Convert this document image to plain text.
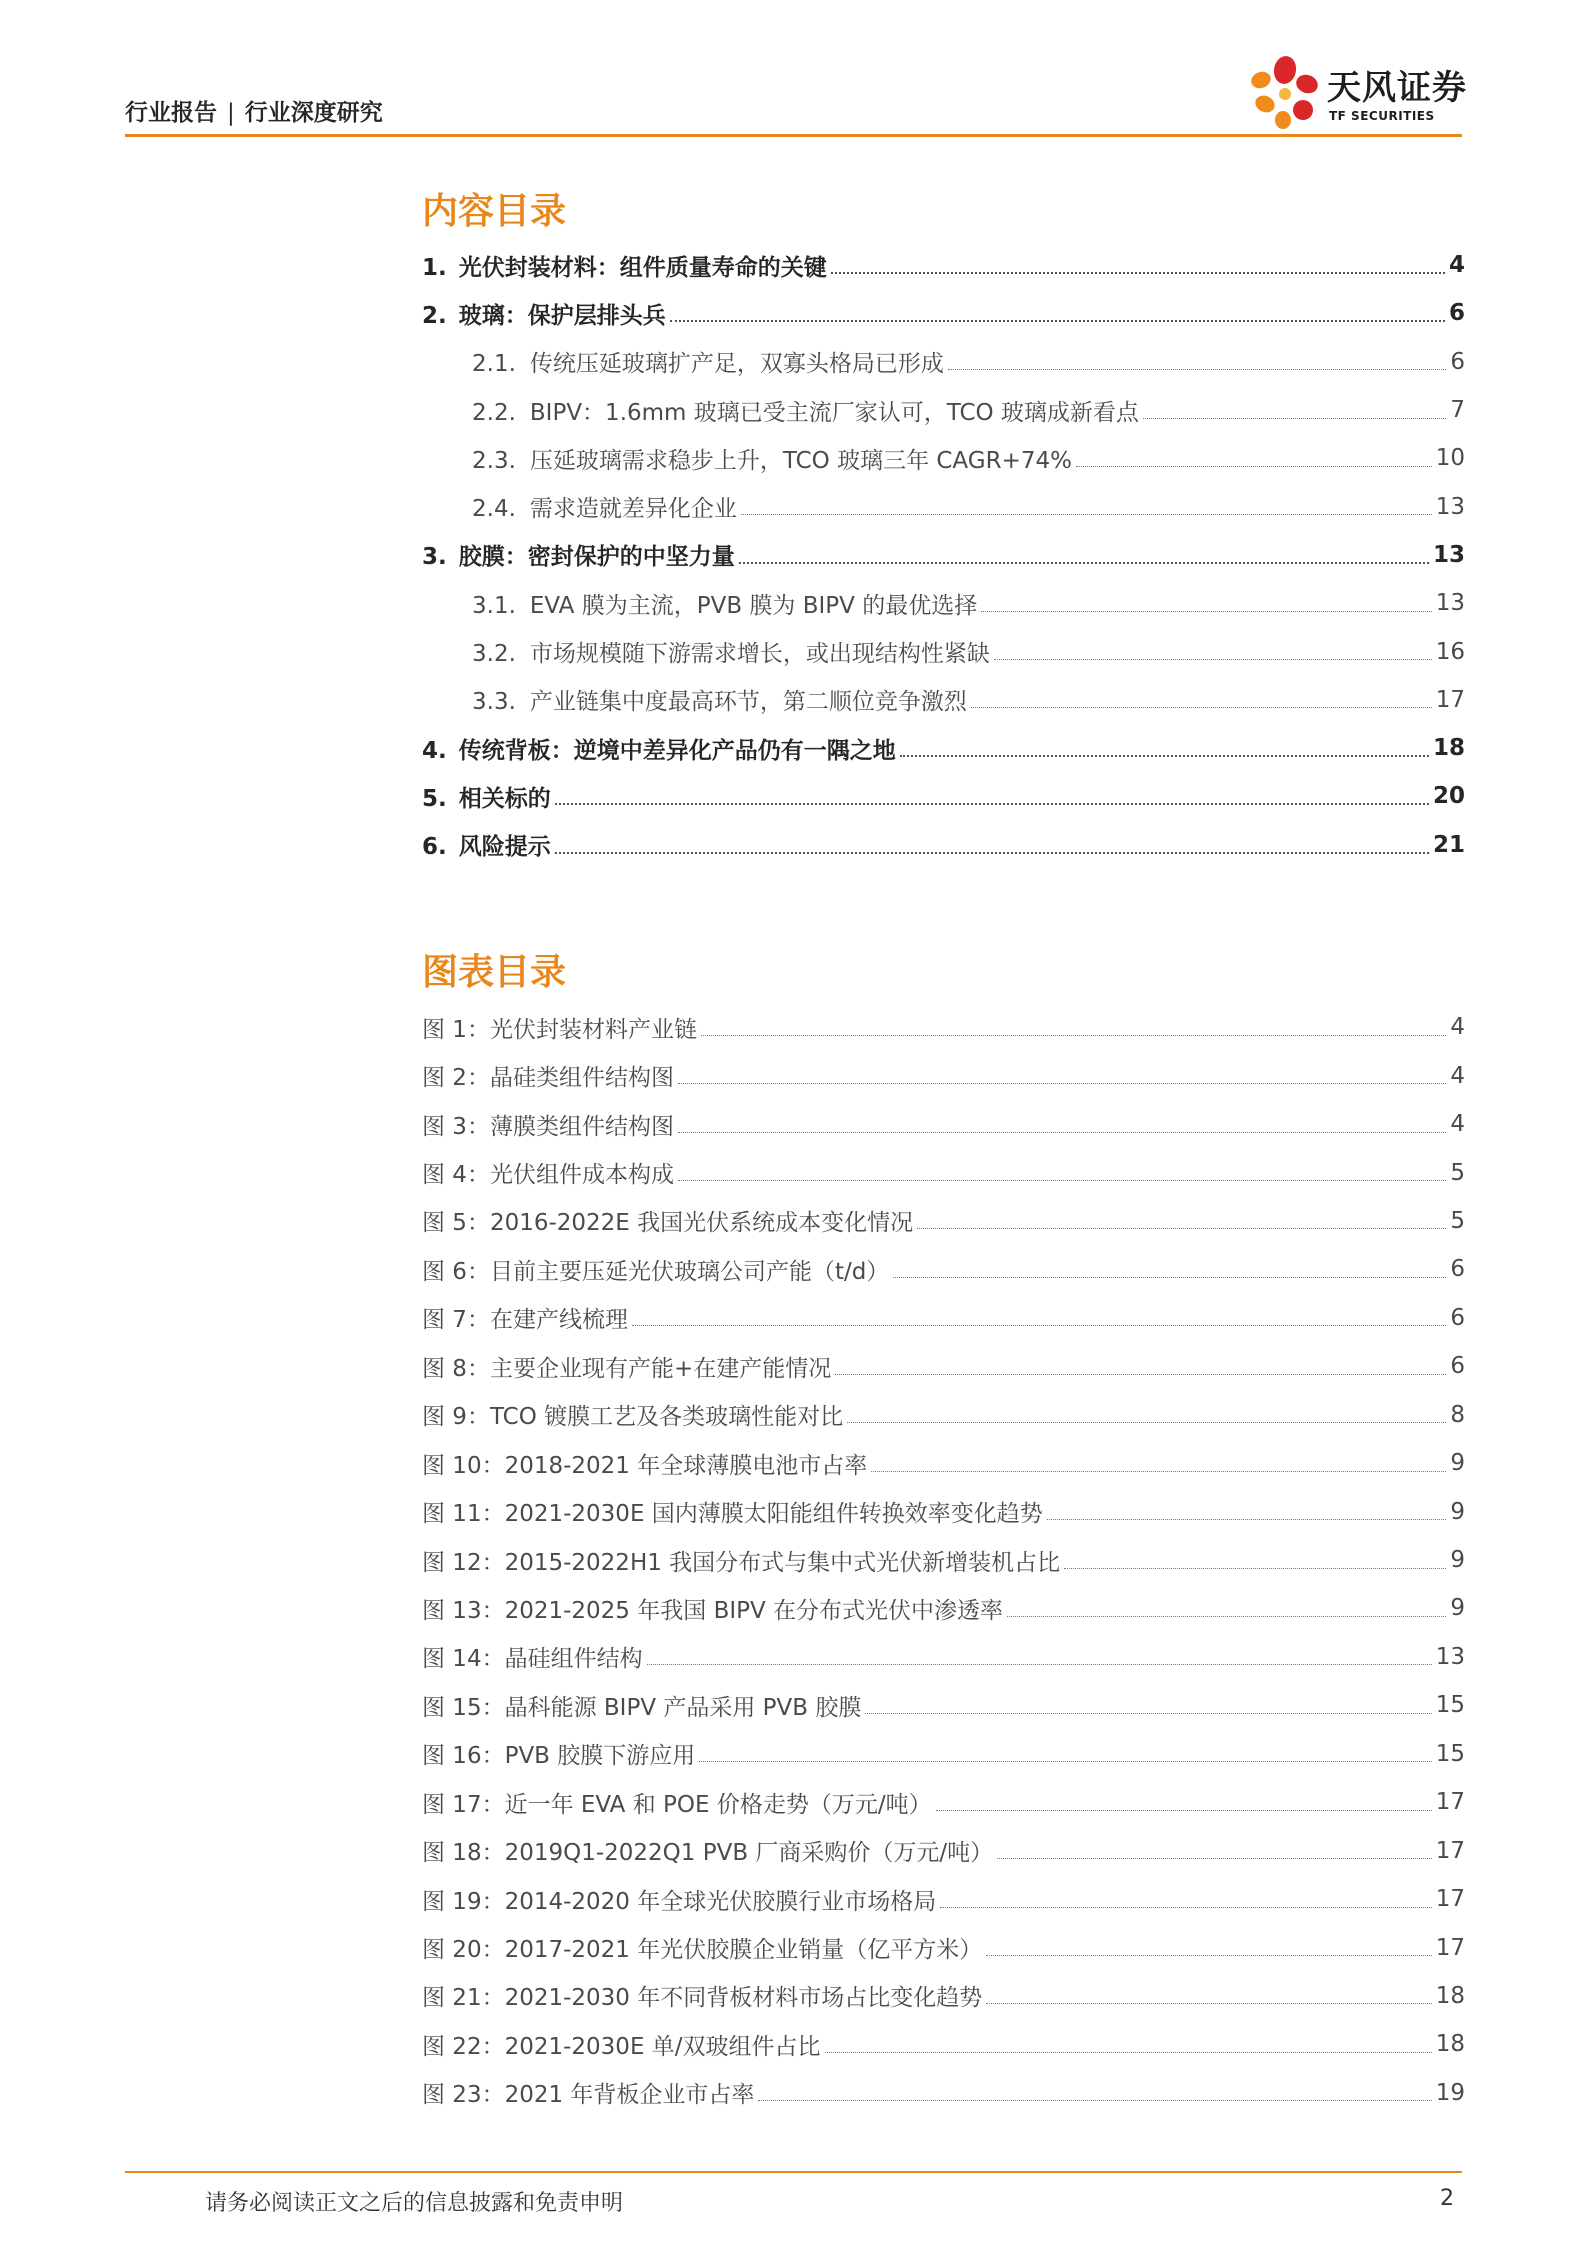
行业报告 | 行业深度研究
天风证券
TF SECURITIES
内容目录
1. 光伏封装材料：组件质量寿命的关键	4
2. 玻璃：保护层排头兵	6
2.1. 传统压延玻璃扩产足，双寡头格局已形成	6
2.2. BIPV：1.6mm 玻璃已受主流厂家认可，TCO 玻璃成新看点	7
2.3. 压延玻璃需求稳步上升，TCO 玻璃三年 CAGR+74%	10
2.4. 需求造就差异化企业	13
3. 胶膜：密封保护的中坚力量	13
3.1. EVA 膜为主流，PVB 膜为 BIPV 的最优选择	13
3.2. 市场规模随下游需求增长，或出现结构性紧缺	16
3.3. 产业链集中度最高环节，第二顺位竞争激烈	17
4. 传统背板：逆境中差异化产品仍有一隅之地	18
5. 相关标的	20
6. 风险提示	21
图表目录
图 1：光伏封装材料产业链	4
图 2：晶硅类组件结构图	4
图 3：薄膜类组件结构图	4
图 4：光伏组件成本构成	5
图 5：2016-2022E 我国光伏系统成本变化情况	5
图 6：目前主要压延光伏玻璃公司产能（t/d）	6
图 7：在建产线梳理	6
图 8：主要企业现有产能+在建产能情况	6
图 9：TCO 镀膜工艺及各类玻璃性能对比	8
图 10：2018-2021 年全球薄膜电池市占率	9
图 11：2021-2030E 国内薄膜太阳能组件转换效率变化趋势	9
图 12：2015-2022H1 我国分布式与集中式光伏新增装机占比	9
图 13：2021-2025 年我国 BIPV 在分布式光伏中渗透率	9
图 14：晶硅组件结构	13
图 15：晶科能源 BIPV 产品采用 PVB 胶膜	15
图 16：PVB 胶膜下游应用	15
图 17：近一年 EVA 和 POE 价格走势（万元/吨）	17
图 18：2019Q1-2022Q1 PVB 厂商采购价（万元/吨）	17
图 19：2014-2020 年全球光伏胶膜行业市场格局	17
图 20：2017-2021 年光伏胶膜企业销量（亿平方米）	17
图 21：2021-2030 年不同背板材料市场占比变化趋势	18
图 22：2021-2030E 单/双玻组件占比	18
图 23：2021 年背板企业市占率	19
请务必阅读正文之后的信息披露和免责申明	2
